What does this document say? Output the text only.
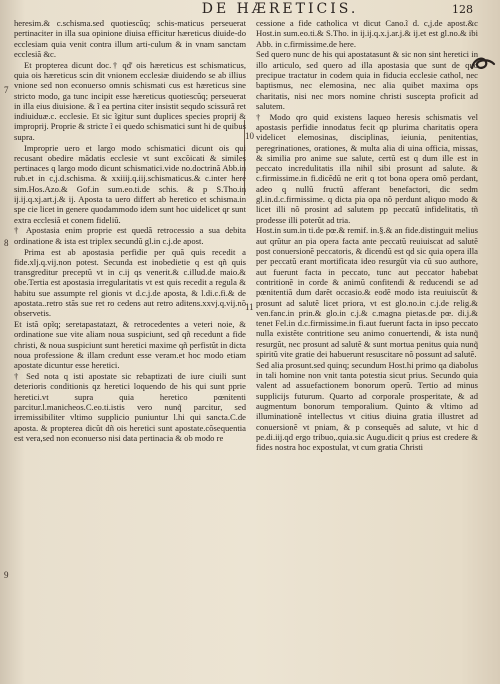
DE HÆRETICIS.	128
7
8
9
10
11

heresim.& c.schisma.sed quotiescũq; schis-maticus perseuerat pertinaciter in illa sua opinione diuisa efficitur hæreticus diuide-do ecclesiam quia venit contra illum arti-culum & in vnam sanctam ecclesiã &c.

Et propterea dicunt doc.† qd' ois hæreticus est schismaticus, quia ois hæreticus scin dit vnionem ecclesiæ diuidendo se ab illius vnione sed non econuerso omnis schismati cus est hæreticus sine stricto modo, ga tunc incipit esse hæreticus quotiescũq; perseuerat in illa eius diuisione. & ĩ ea pertina citer insistit sequdo scissurã ret indiuiduæ.c. ecclesie. Et sic ĩgitur sunt duplices species proprij & improprij. Proprie & stricte ĩ ei quedo schismatici sunt hi de quibus supra.

Improprie uero et largo modo schismatici dicunt ois qui recusant obedire mãdatis ecclesie vt sunt excõicati & similes pertinaces q largo modo dicunt schismatici.vide no.doctrinã Abb.in rub.et in c,j.d.schisma. & xxiiij.q.iij.schismaticus.& c.inter here sim.Hos.Azo.& Gof.in sum.eo.ti.de schis. & p S.Tho.in ij.ij.q.xj.art.j.& ij. Aposta ta uero differt ab heretico et schisma.in spe cie licet in genere quodammodo idem sunt hoc uidelicet qr sunt extra ecclesiã et conem fideliũ.

† Apostasia enim proprie est quedã retrocessio a sua debita ordinatione & ista est triplex secundũ gl.in c.j.de apost.

Prima est ab apostasia perfidie per quã quis recedit a fide.xlj.q.vij.non potest. Secunda est inobedietie q est qñ quis transgreditur preceptũ vt in c.ij qs venerit.& c.illud.de maio.& obe.Tertia est apostasia irregularitatis vt est quis recedit a regula & habitu sue assumpte rel gionis vt d.c.j.de aposta, & l.di.c.fi.& de apostata..retro stãs sue ret ro cedens aut retro aditens.xxvj.q.vij.nõ observetis.

Et istã opĩq; seretapastatazt, & retrocedentes a veteri noie, & ordinatione sue vite aliam noua suspiciunt, sed qñ recedunt a fide christi, & noua suspiciunt sunt heretici maxime qñ perfistũt in dicta noua professione & illam credunt esse veram.et hoc modo etiam apostate dicuntur esse heretici.

† Sed nota q isti apostate sic rebaptizati de iure ciuili sunt deterioris conditionis qz heretici loquendo de his qui sunt pprie heretici.vt supra quia heretico pœnitenti parcitur.l.manicheos.C.eo.ti.istis vero nunq̃ parcitur, sed irremissibiliter vltimo supplicio puniuntur l.hi qui sancta.C.de aposta. & propterea dicũt dñ ois heretici sunt apostate.cõsequentia est vera,sed non econuerso nisi data pertinacia & ob modo re

cessione a fide catholica vt dicut Cano.ĩ d. c,j.de apost.&c Host.in sum.eo.ti.& S.Tho. in ij.ij.q.x.j.ar.j.& ij.et est gl.no.& ibi Abb. in c.firmissime.de here.

Sed quero nunc de his qui apostatasunt & sic non sint heretici in illo articulo, sed quero ad illa apostasia que sunt de quo precipue tractatur in codem quia in fiducia ecclesie cathol, nec baptismus, nec elemosina, nec alia quibet maxima ops charitatis, nisi nec mors nomine christi suscepta proficit ad salutem.

† Modo qro quid existens laqueo heresis schismatis vel apostasis perfidie innodatus fecit qp plurima charitatis opera videlicet elemosinas, disciplinas, ieiunia, penitentias, peregrinationes, orationes, & multa alia di uina officia, missas, & similia pro anime sue salute, certũ est q dum ille est in peccato incredulitatis illa nihil sibi prosunt ad salute. & c.firmissime.in fi.dicẽdũ ne erit q tot bona opera omõ perdant, adeo q nullũ fructũ afferant benefactori, dic sedm gl.in.d.c.firmissime. q dicta pia opa nõ perdunt aliquo modo & licet illi nõ prosint ad salutem pp peccatũ infidelitatis, tñ prodesse illi poterũt ad tria.

Host.in sum.in ti.de pœ.& remif. in.§.& an fide.distinguit melius aut qrũtur an pia opera facta ante peccatũ reuiuiscat ad salutẽ post conuersionẽ peccatoris, & dicendũ est qd sic quia opera illa per peccatũ erant mortificata ideo resurgũt via cũ suo authore, aut fuerunt facta in peccato, tunc aut peccator habebat contritionẽ in corde & animũ confitendi & reducendi se ad pœnitentiã dum darẽt occasio.& eodẽ modo ista reuiuiscũt & prosunt ad salutẽ licet priora, vt est glo.no.in c.j.de relig.& ven.fanc.in prin.& glo.in c.j.& c.magna pietas.de pœ. di.j.& tenet Fel.in d.c.firmissime.in fi.aut fuerunt facta in ipso peccato nulla existẽte contritione seu animo conuertendi, & ista nunq̃ resurgũt, nec prosunt ad salutẽ & sunt mortua penitus quia nunq̃ spiritũ vite gratie dei habuerunt resuscitare nõ possunt ad salutẽ.

Sed alia prosunt.sed quinq; secundum Host.hi primo qa diabolus in tali homine non vnit tanta potestia sicut prius. Secundo quia valent ad assuefactionem bonorum operũ. Tertio ad minus supplicijs futurum. Quarto ad corporale prosperitate, & ad augmentum bonorum temporalium. Quinto & vltimo ad illuminationẽ intellectus vt citius diuina gratia illustret ad conuersionẽ vt pniam, & p consequẽs ad salute, vt hic d pe.di.iij.qd ergo tribuo,.quia.sic Augu.dicit q prius est credere & fides nostra hoc expostulat, vt cum gratia Christi
